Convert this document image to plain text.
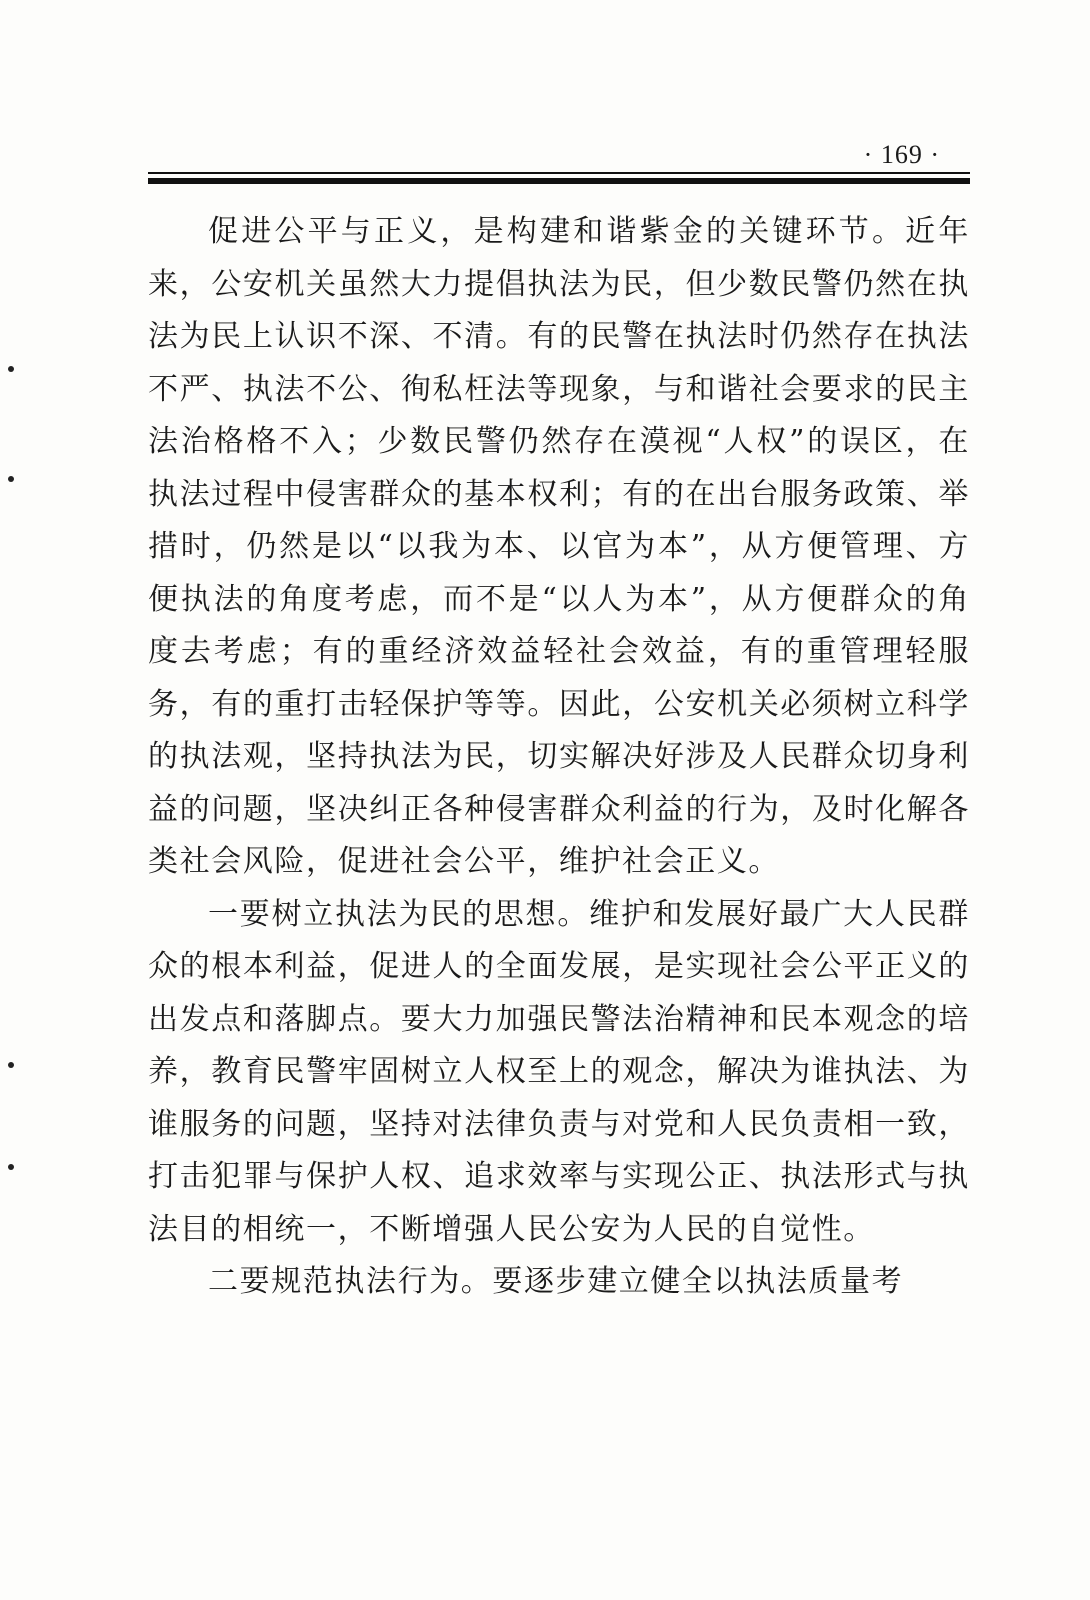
· 169 ·

促进公平与正义，是构建和谐紫金的关键环节。近年来，公安机关虽然大力提倡执法为民，但少数民警仍然在执法为民上认识不深、不清。有的民警在执法时仍然存在执法不严、执法不公、徇私枉法等现象，与和谐社会要求的民主法治格格不入；少数民警仍然存在漠视“人权”的误区，在执法过程中侵害群众的基本权利；有的在出台服务政策、举措时，仍然是以“以我为本、以官为本”，从方便管理、方便执法的角度考虑，而不是“以人为本”，从方便群众的角度去考虑；有的重经济效益轻社会效益，有的重管理轻服务，有的重打击轻保护等等。因此，公安机关必须树立科学的执法观，坚持执法为民，切实解决好涉及人民群众切身利益的问题，坚决纠正各种侵害群众利益的行为，及时化解各类社会风险，促进社会公平，维护社会正义。

一要树立执法为民的思想。维护和发展好最广大人民群众的根本利益，促进人的全面发展，是实现社会公平正义的出发点和落脚点。要大力加强民警法治精神和民本观念的培养，教育民警牢固树立人权至上的观念，解决为谁执法、为谁服务的问题，坚持对法律负责与对党和人民负责相一致，打击犯罪与保护人权、追求效率与实现公正、执法形式与执法目的相统一，不断增强人民公安为人民的自觉性。

二要规范执法行为。要逐步建立健全以执法质量考
